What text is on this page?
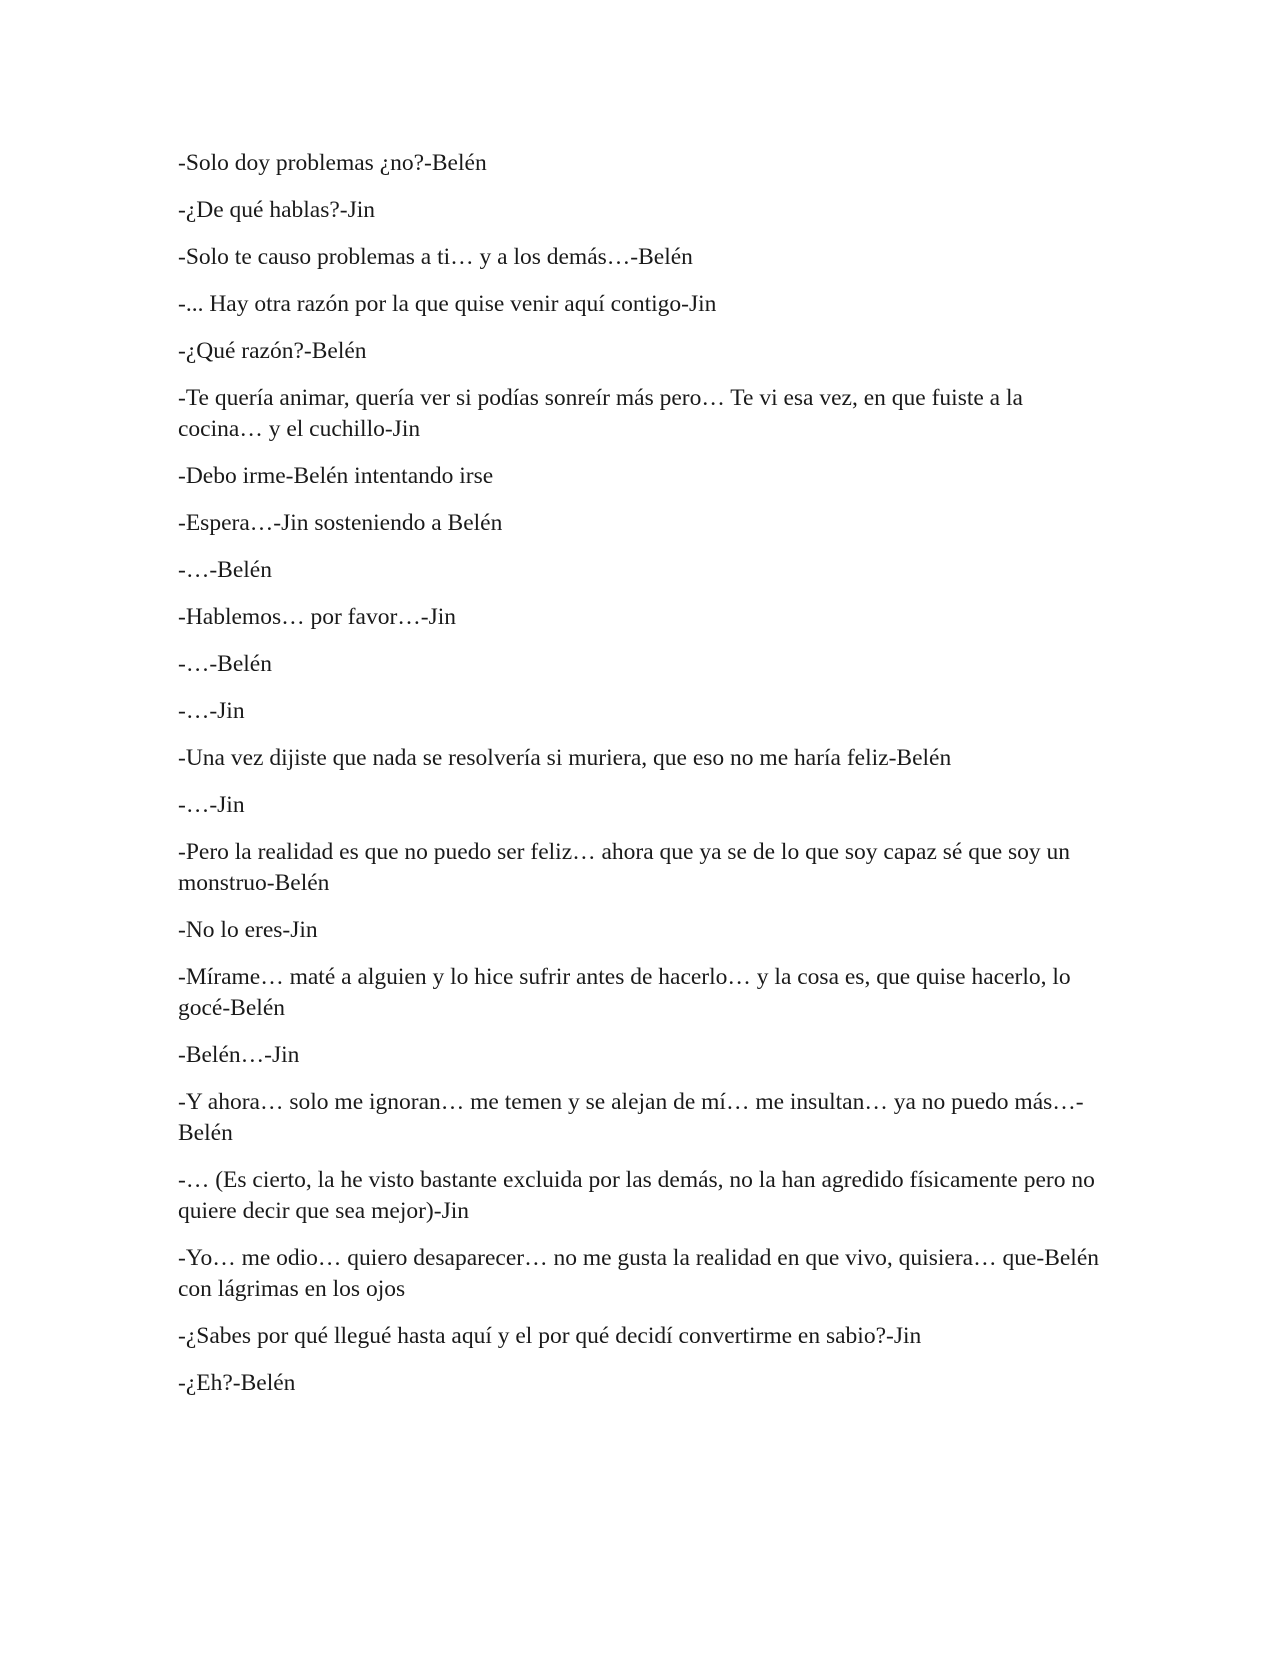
-Solo doy problemas ¿no?-Belén

-¿De qué hablas?-Jin

-Solo te causo problemas a ti… y a los demás…-Belén

-... Hay otra razón por la que quise venir aquí contigo-Jin

-¿Qué razón?-Belén

-Te quería animar, quería ver si podías sonreír más pero… Te vi esa vez, en que fuiste a la cocina… y el cuchillo-Jin

-Debo irme-Belén intentando irse

-Espera…-Jin sosteniendo a Belén

-…-Belén

-Hablemos… por favor…-Jin

-…-Belén

-…-Jin

-Una vez dijiste que nada se resolvería si muriera, que eso no me haría feliz-Belén

-…-Jin

-Pero la realidad es que no puedo ser feliz… ahora que ya se de lo que soy capaz sé que soy un monstruo-Belén

-No lo eres-Jin

-Mírame… maté a alguien y lo hice sufrir antes de hacerlo… y la cosa es, que quise hacerlo, lo gocé-Belén

-Belén…-Jin

-Y ahora… solo me ignoran… me temen y se alejan de mí… me insultan… ya no puedo más…-Belén

-… (Es cierto, la he visto bastante excluida por las demás, no la han agredido físicamente pero no quiere decir que sea mejor)-Jin

-Yo… me odio… quiero desaparecer… no me gusta la realidad en que vivo, quisiera… que-Belén con lágrimas en los ojos

-¿Sabes por qué llegué hasta aquí y el por qué decidí convertirme en sabio?-Jin

-¿Eh?-Belén
